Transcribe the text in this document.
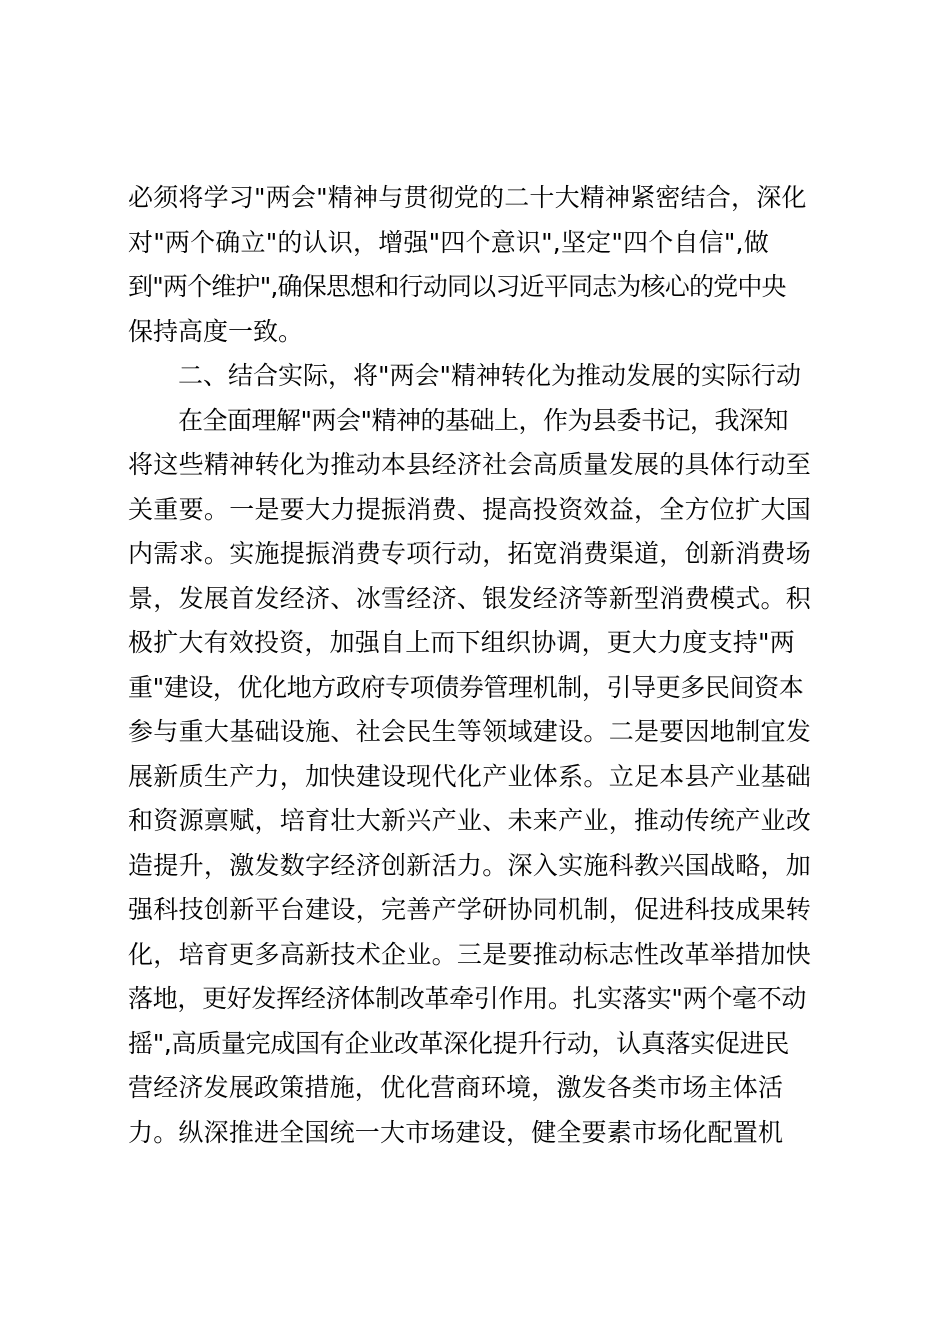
必须将学习"两会"精神与贯彻党的二十大精神紧密结合，深化
对"两个确立"的认识，增强"四个意识",坚定"四个自信",做
到"两个维护",确保思想和行动同以习近平同志为核心的党中央
保持高度一致。
二、结合实际，将"两会"精神转化为推动发展的实际行动
在全面理解"两会"精神的基础上，作为县委书记，我深知
将这些精神转化为推动本县经济社会高质量发展的具体行动至
关重要。一是要大力提振消费、提高投资效益，全方位扩大国
内需求。实施提振消费专项行动，拓宽消费渠道，创新消费场
景，发展首发经济、冰雪经济、银发经济等新型消费模式。积
极扩大有效投资，加强自上而下组织协调，更大力度支持"两
重"建设，优化地方政府专项债券管理机制，引导更多民间资本
参与重大基础设施、社会民生等领域建设。二是要因地制宜发
展新质生产力，加快建设现代化产业体系。立足本县产业基础
和资源禀赋，培育壮大新兴产业、未来产业，推动传统产业改
造提升，激发数字经济创新活力。深入实施科教兴国战略，加
强科技创新平台建设，完善产学研协同机制，促进科技成果转
化，培育更多高新技术企业。三是要推动标志性改革举措加快
落地，更好发挥经济体制改革牵引作用。扎实落实"两个毫不动
摇",高质量完成国有企业改革深化提升行动，认真落实促进民
营经济发展政策措施，优化营商环境，激发各类市场主体活
力。纵深推进全国统一大市场建设，健全要素市场化配置机
